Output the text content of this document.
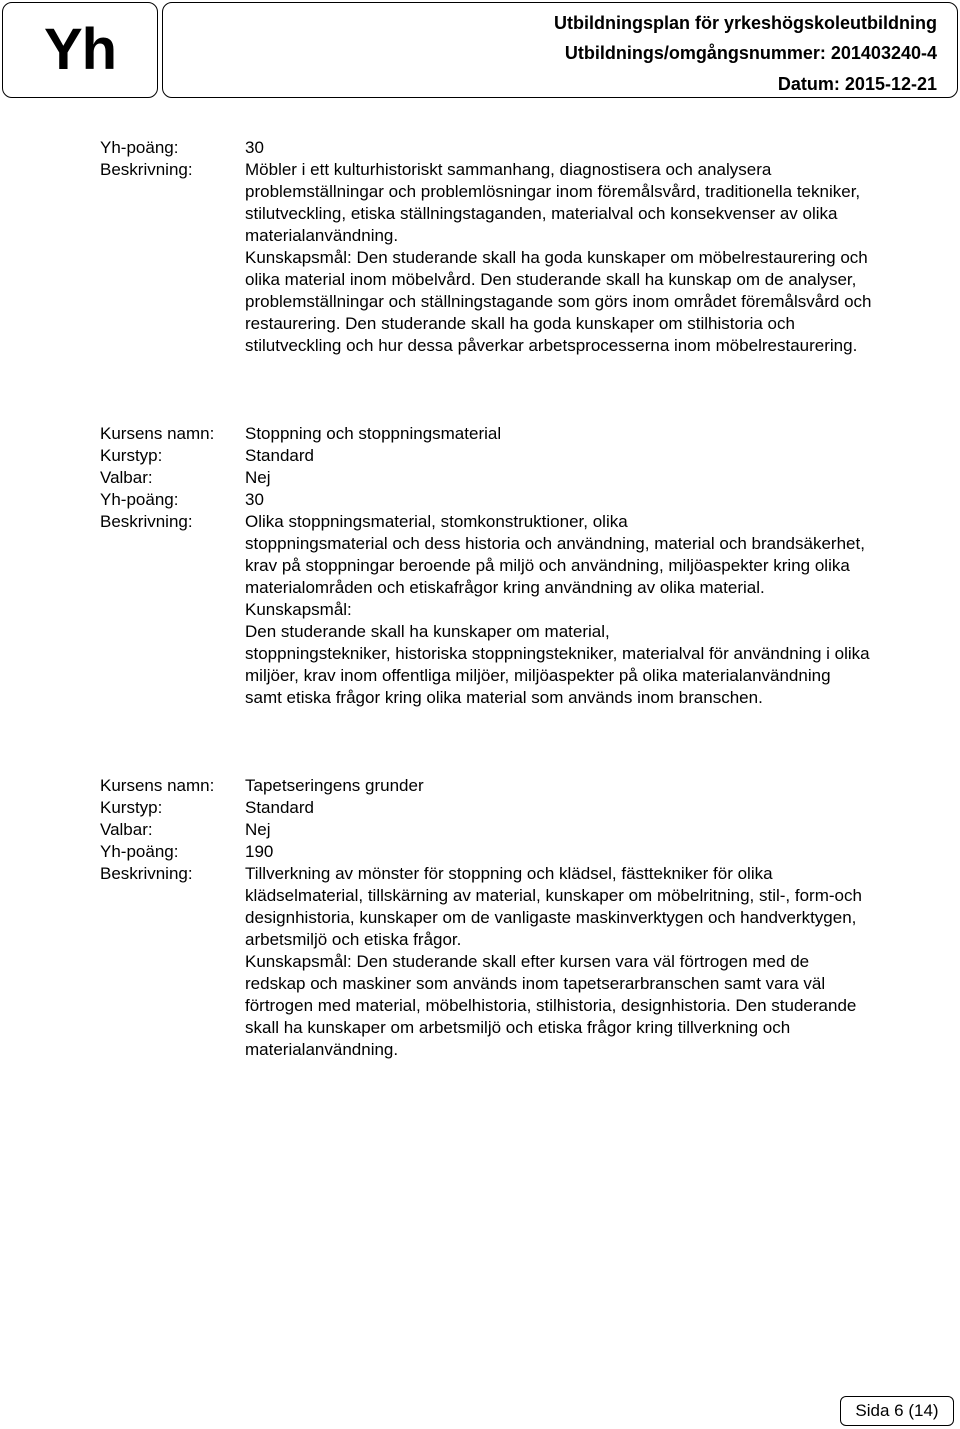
Yh	Utbildningsplan för yrkeshögskoleutbildning
Utbildnings/omgångsnummer: 201403240-4
Datum: 2015-12-21
Yh-poäng:	30
Beskrivning:	Möbler i ett kulturhistoriskt sammanhang, diagnostisera och analysera
problemställningar och problemlösningar inom föremålsvård, traditionella tekniker,
stilutveckling, etiska ställningstaganden, materialval och konsekvenser av olika
materialanvändning.
Kunskapsmål: Den studerande skall ha goda kunskaper om möbelrestaurering och
olika material inom möbelvård. Den studerande skall ha kunskap om de analyser,
problemställningar och ställningstagande som görs inom området föremålsvård och
restaurering. Den studerande skall ha goda kunskaper om stilhistoria och
stilutveckling och hur dessa påverkar arbetsprocesserna inom möbelrestaurering.
Kursens namn:	Stoppning och stoppningsmaterial
Kurstyp:	Standard
Valbar:	Nej
Yh-poäng:	30
Beskrivning:	Olika stoppningsmaterial, stomkonstruktioner, olika
stoppningsmaterial och dess historia och användning, material och brandsäkerhet,
krav på stoppningar beroende på miljö och användning, miljöaspekter kring olika
materialområden och etiskafrågor kring användning av olika material.
Kunskapsmål:
Den studerande skall ha kunskaper om material,
stoppningstekniker, historiska stoppningstekniker, materialval för användning i olika
miljöer, krav inom offentliga miljöer, miljöaspekter på olika materialanvändning
samt etiska frågor kring olika material som används inom branschen.
Kursens namn:	Tapetseringens grunder
Kurstyp:	Standard
Valbar:	Nej
Yh-poäng:	190
Beskrivning:	Tillverkning av mönster för stoppning och klädsel, fästtekniker för olika
klädselmaterial, tillskärning av material, kunskaper om möbelritning, stil-, form-och
designhistoria, kunskaper om de vanligaste maskinverktygen och handverktygen,
arbetsmiljö och etiska frågor.
Kunskapsmål: Den studerande skall efter kursen vara väl förtrogen med de
redskap och maskiner som används inom tapetserarbranschen samt vara väl
förtrogen med material, möbelhistoria, stilhistoria, designhistoria. Den studerande
skall ha kunskaper om arbetsmiljö och etiska frågor kring tillverkning och
materialanvändning.
Sida 6 (14)
